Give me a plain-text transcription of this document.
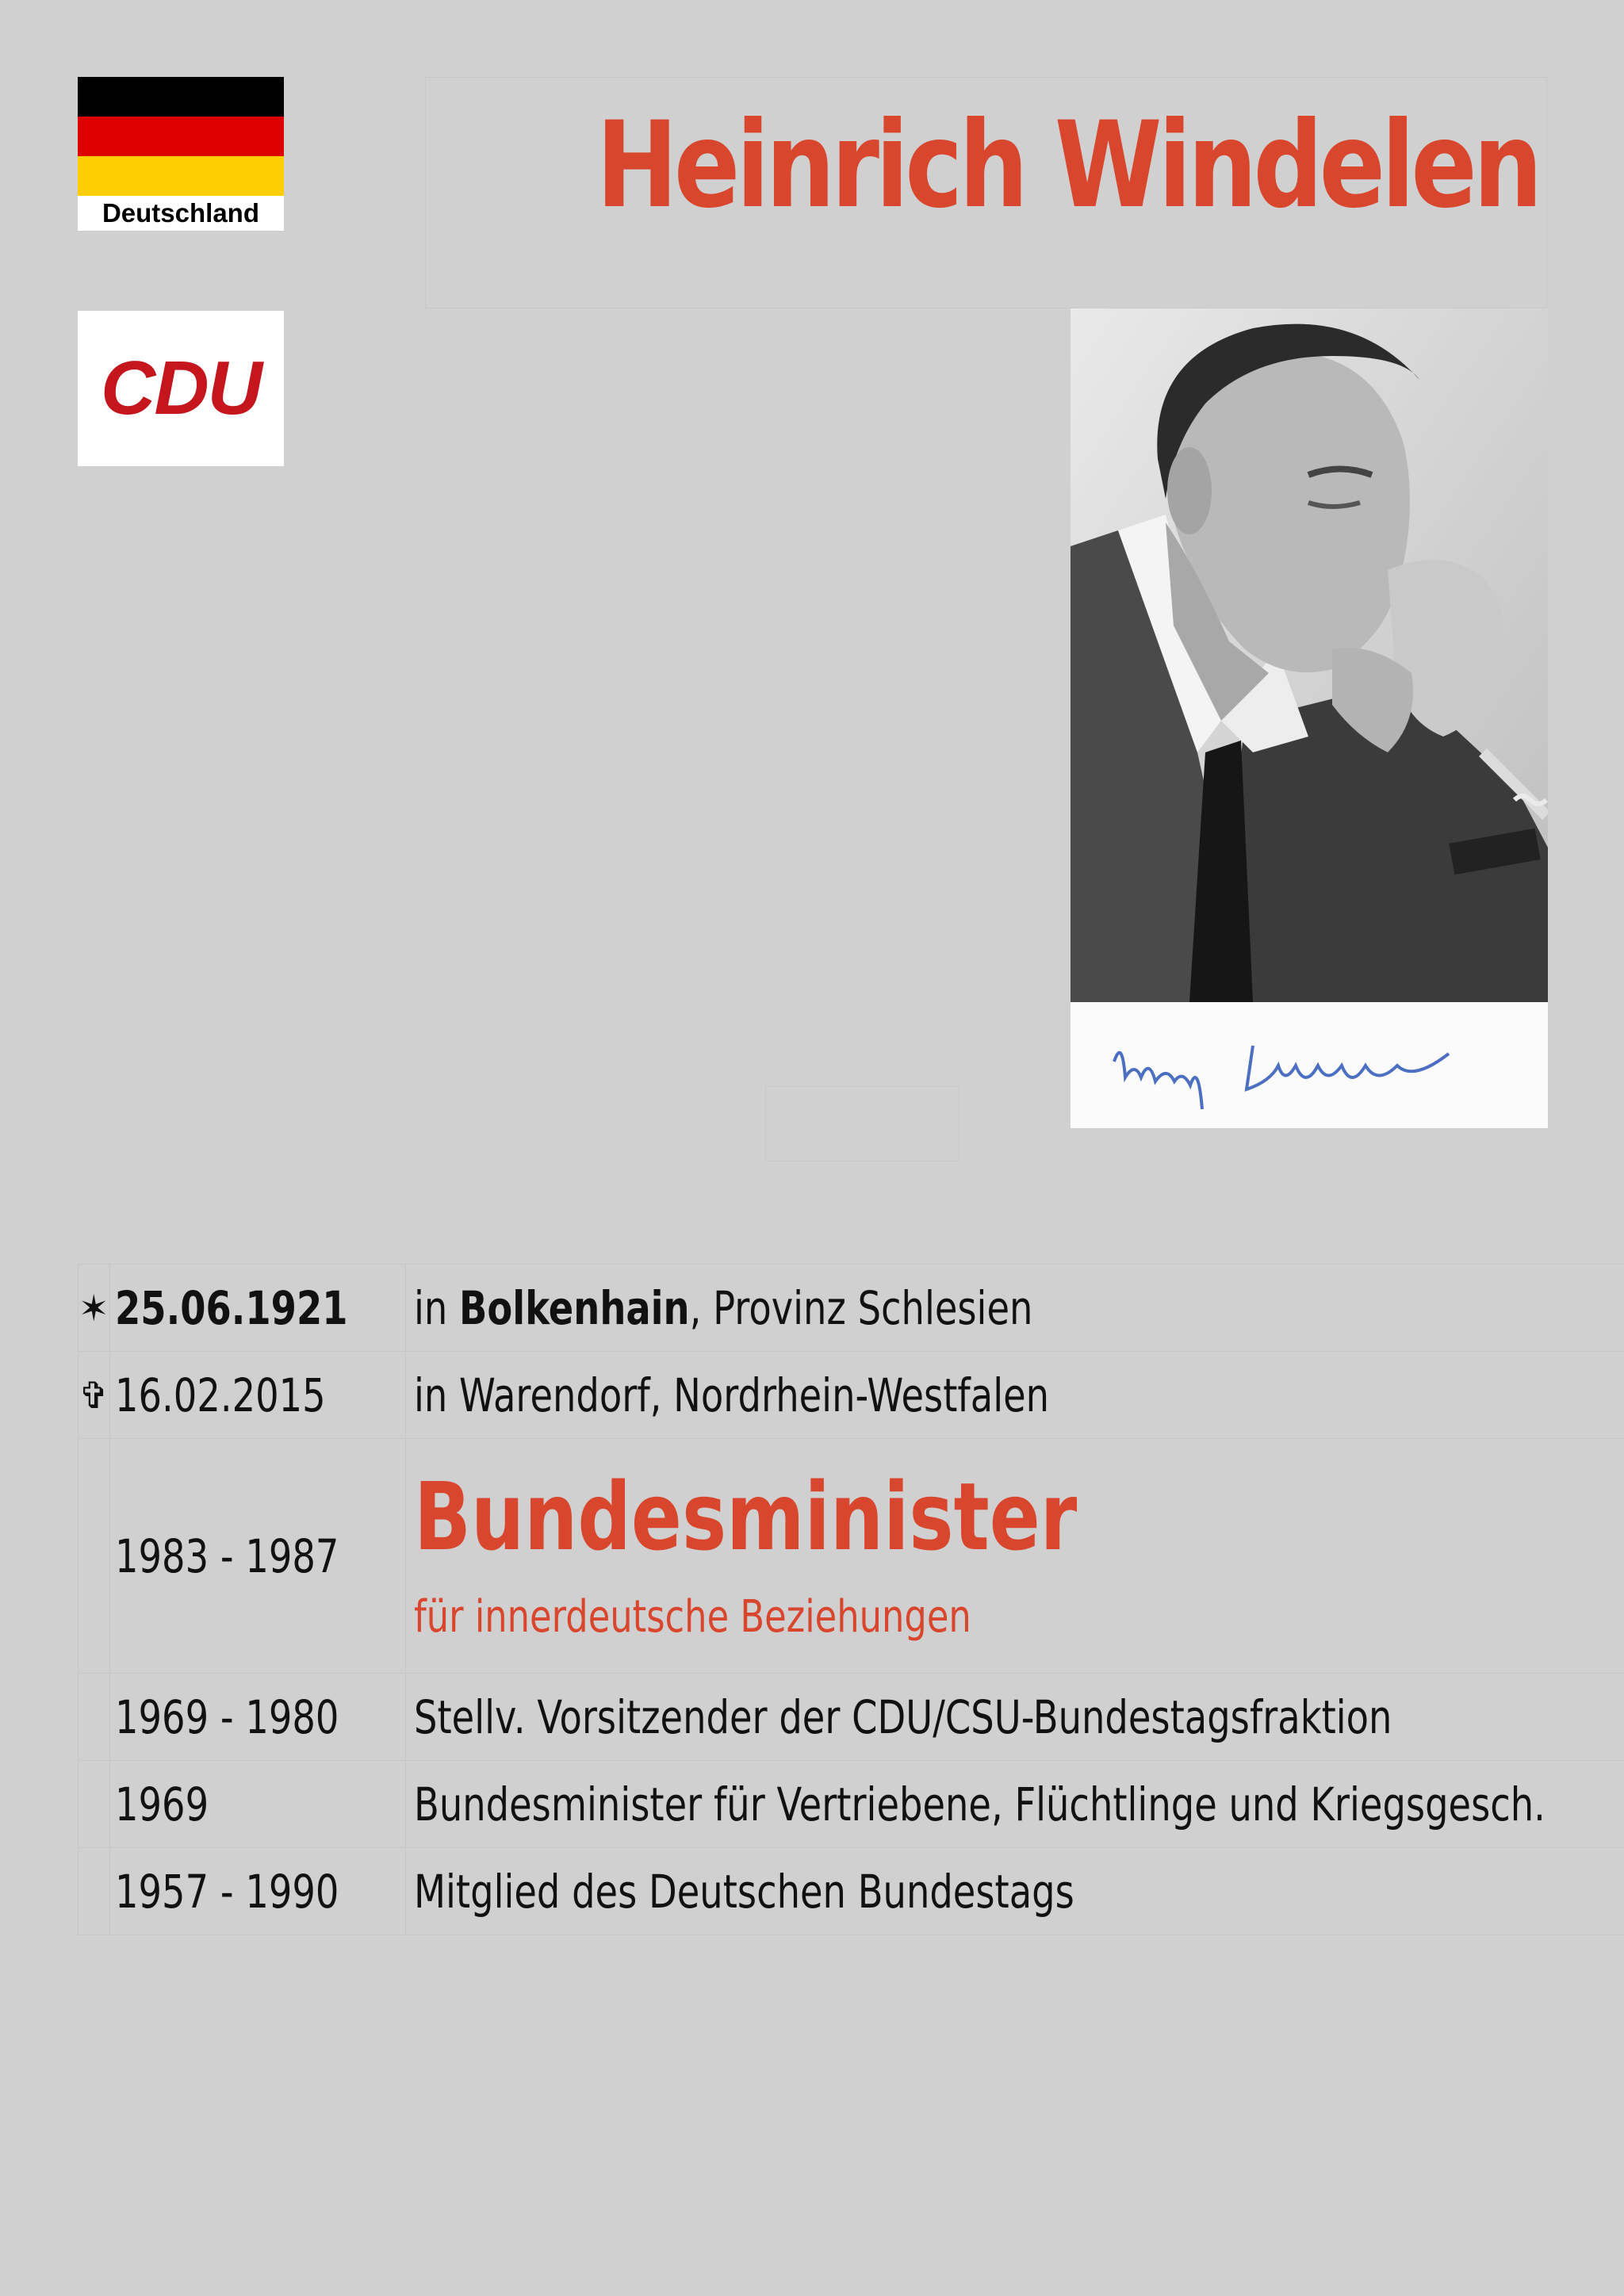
Deutschland
CDU
Heinrich Windelen
✶	25.06.1921	in Bolkenhain, Provinz Schlesien
✞	16.02.2015	in Warendorf, Nordrhein-Westfalen
	1983 - 1987	Bundesminister
für innerdeutsche Beziehungen
	1969 - 1980	Stellv. Vorsitzender der CDU/CSU-Bundestagsfraktion
	1969	Bundesminister für Vertriebene, Flüchtlinge und Kriegsgesch.
	1957 - 1990	Mitglied des Deutschen Bundestags
